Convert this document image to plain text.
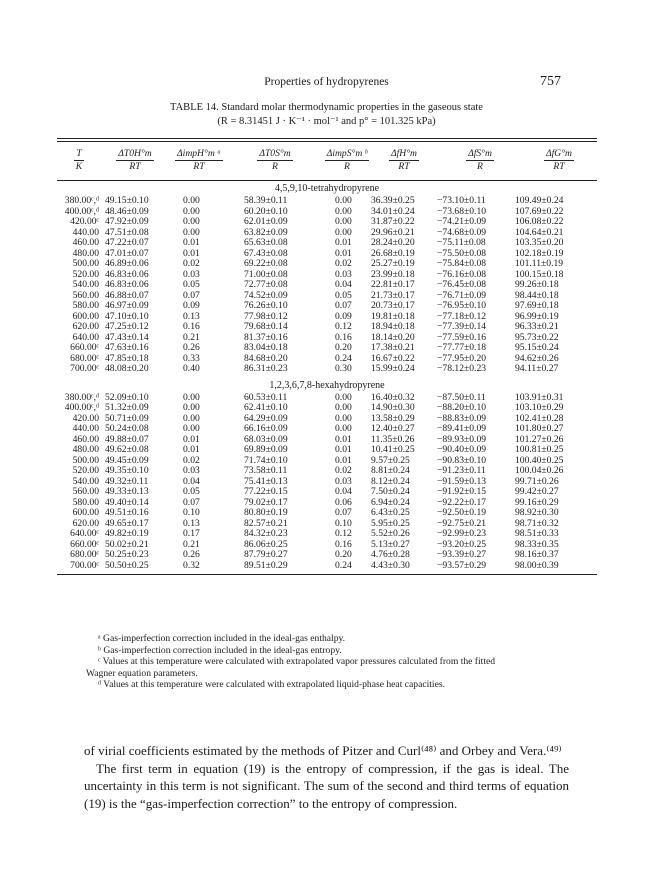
Properties of hydropyrenes	757
TABLE 14. Standard molar thermodynamic properties in the gaseous state
(R = 8.31451 J · K⁻¹ · mol⁻¹ and p° = 101.325 kPa)
$\frac{T}{K}$	$\frac{\Delta T0H^\circ m}{RT} \frac{\text{ΔimpH°m ᵃ}}{RT}$	$\frac{\Delta T0S^\circ m}{R}$	$\frac{\text{ΔimpS°m ᵇ}}{R} \frac{\text{ΔfH°m}}{RT}$	$\frac{\text{ΔfS°m}}{R}$	$\frac{\text{ΔfG°m}}{RT}$
4,5,9,10-tetrahydropyrene
380.00ᶜ,ᵈ 49.15±0.10	0.00	58.39±0.11	0.00	36.39±0.25	−73.10±0.11	109.49±0.24
400.00ᶜ,ᵈ 48.46±0.09	0.00	60.20±0.10	0.00	34.01±0.24	−73.68±0.10	107.69±0.22
420.00ᶜ 47.92±0.09	0.00	62.01±0.09	0.00	31.87±0.22	−74.21±0.09	106.08±0.22
440.00 47.51±0.08	0.00	63.82±0.09	0.00	29.96±0.21	−74.68±0.09	104.64±0.21
460.00 47.22±0.07	0.01	65.63±0.08	0.01	28.24±0.20	−75.11±0.08	103.35±0.20
480.00 47.01±0.07	0.01	67.43±0.08	0.01	26.68±0.19	−75.50±0.08	102.18±0.19
500.00 46.89±0.06	0.02	69.22±0.08	0.02	25.27±0.19	−75.84±0.08	101.11±0.19
520.00 46.83±0.06	0.03	71.00±0.08	0.03	23.99±0.18	−76.16±0.08	100.15±0.18
540.00 46.83±0.06	0.05	72.77±0.08	0.04	22.81±0.17	−76.45±0.08	99.26±0.18
560.00 46.88±0.07	0.07	74.52±0.09	0.05	21.73±0.17	−76.71±0.09	98.44±0.18
580.00 46.97±0.09	0.09	76.26±0.10	0.07	20.73±0.17	−76.95±0.10	97.69±0.18
600.00 47.10±0.10	0.13	77.98±0.12	0.09	19.81±0.18	−77.18±0.12	96.99±0.19
620.00 47.25±0.12	0.16	79.68±0.14	0.12	18.94±0.18	−77.39±0.14	96.33±0.21
640.00 47.43±0.14	0.21	81.37±0.16	0.16	18.14±0.20	−77.59±0.16	95.73±0.22
660.00ᶜ 47.63±0.16	0.26	83.04±0.18	0.20	17.38±0.21	−77.77±0.18	95.15±0.24
680.00ᶜ 47.85±0.18	0.33	84.68±0.20	0.24	16.67±0.22	−77.95±0.20	94.62±0.26
700.00ᶜ 48.08±0.20	0.40	86.31±0.23	0.30	15.99±0.24	−78.12±0.23	94.11±0.27
1,2,3,6,7,8-hexahydropyrene
380.00ᶜ,ᵈ 52.09±0.10	0.00	60.53±0.11	0.00	16.40±0.32	−87.50±0.11	103.91±0.31
400.00ᶜ,ᵈ 51.32±0.09	0.00	62.41±0.10	0.00	14.90±0.30	−88.20±0.10	103.10±0.29
420.00 50.71±0.09	0.00	64.29±0.09	0.00	13.58±0.29	−88.83±0.09	102.41±0.28
440.00 50.24±0.08	0.00	66.16±0.09	0.00	12.40±0.27	−89.41±0.09	101.80±0.27
460.00 49.88±0.07	0.01	68.03±0.09	0.01	11.35±0.26	−89.93±0.09	101.27±0.26
480.00 49.62±0.08	0.01	69.89±0.09	0.01	10.41±0.25	−90.40±0.09	100.81±0.25
500.00 49.45±0.09	0.02	71.74±0.10	0.01	9.57±0.25	−90.83±0.10	100.40±0.25
520.00 49.35±0.10	0.03	73.58±0.11	0.02	8.81±0.24	−91.23±0.11	100.04±0.26
540.00 49.32±0.11	0.04	75.41±0.13	0.03	8.12±0.24	−91.59±0.13	99.71±0.26
560.00 49.33±0.13	0.05	77.22±0.15	0.04	7.50±0.24	−91.92±0.15	99.42±0.27
580.00 49.40±0.14	0.07	79.02±0.17	0.06	6.94±0.24	−92.22±0.17	99.16±0.29
600.00 49.51±0.16	0.10	80.80±0.19	0.07	6.43±0.25	−92.50±0.19	98.92±0.30
620.00 49.65±0.17	0.13	82.57±0.21	0.10	5.95±0.25	−92.75±0.21	98.71±0.32
640.00ᶜ 49.82±0.19	0.17	84.32±0.23	0.12	5.52±0.26	−92.99±0.23	98.51±0.33
660.00ᶜ 50.02±0.21	0.21	86.06±0.25	0.16	5.13±0.27	−93.20±0.25	98.33±0.35
680.00ᶜ 50.25±0.23	0.26	87.79±0.27	0.20	4.76±0.28	−93.39±0.27	98.16±0.37
700.00ᶜ 50.50±0.25	0.32	89.51±0.29	0.24	4.43±0.30	−93.57±0.29	98.00±0.39

ᵃ Gas-imperfection correction included in the ideal-gas enthalpy.

ᵇ Gas-imperfection correction included in the ideal-gas entropy.

ᶜ Values at this temperature were calculated with extrapolated vapor pressures calculated from the fitted

Wagner equation parameters.

ᵈ Values at this temperature were calculated with extrapolated liquid-phase heat capacities.

of virial coefficients estimated by the methods of Pitzer and Curl⁽⁴⁸⁾ and Orbey and Vera.⁽⁴⁹⁾

The first term in equation (19) is the entropy of compression, if the gas is ideal. The uncertainty in this term is not significant. The sum of the second and third terms of equation (19) is the “gas-imperfection correction” to the entropy of compression.
